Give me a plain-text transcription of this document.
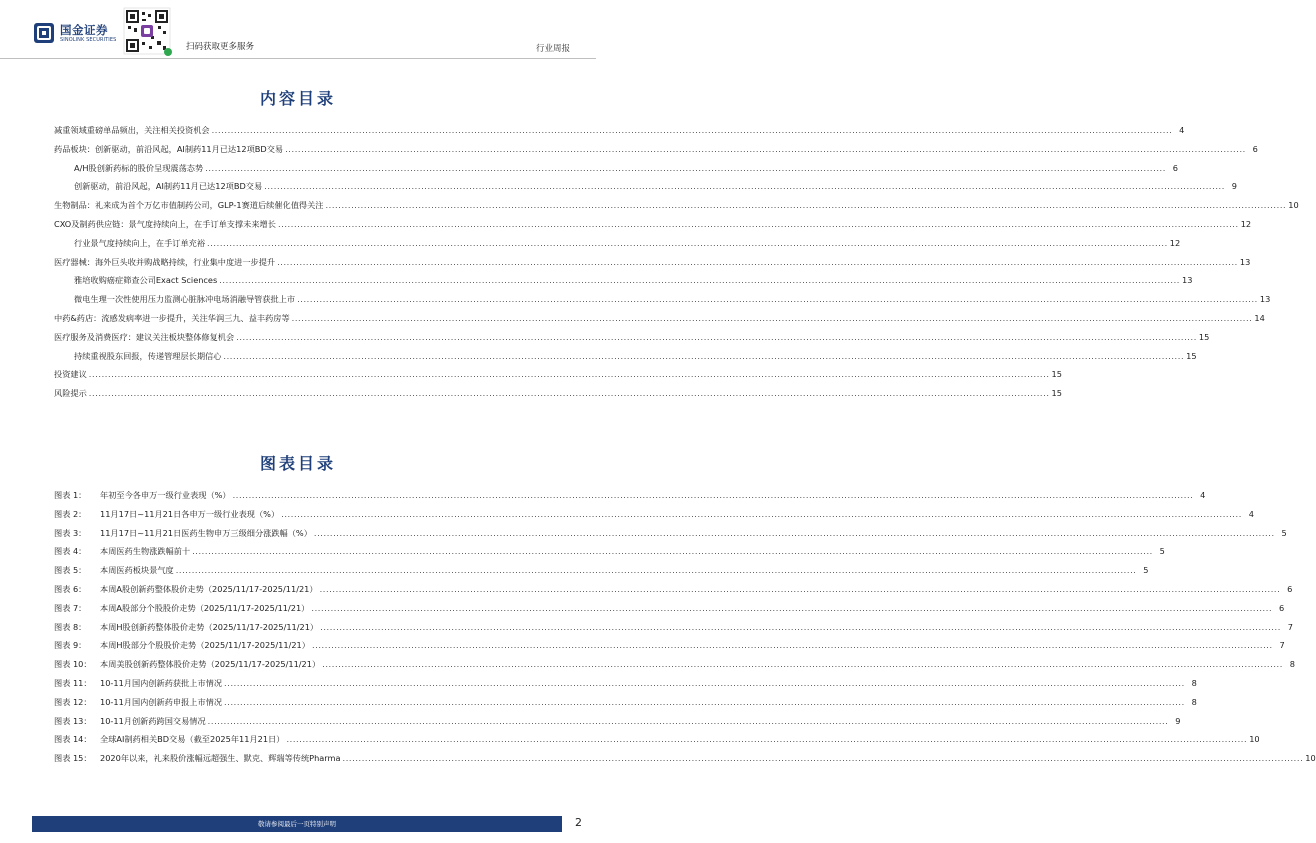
国金证券
SINOLINK SECURITIES
扫码获取更多服务	行业周报
内容目录
减重领域重磅单品频出，关注相关投资机会 ............................................................................................................................................................................................................................................................................................................ 4
药品板块：创新驱动，前沿风起，AI制药11月已达12项BD交易 ............................................................................................................................................................................................................................................................................................................ 6
A/H股创新药标的股价呈现震荡态势 ............................................................................................................................................................................................................................................................................................................ 6
创新驱动，前沿风起，AI制药11月已达12项BD交易 ............................................................................................................................................................................................................................................................................................................ 9
生物制品：礼来成为首个万亿市值制药公司，GLP-1赛道后续催化值得关注 ............................................................................................................................................................................................................................................................................................................ 10
CXO及制药供应链：景气度持续向上，在手订单支撑未来增长 ............................................................................................................................................................................................................................................................................................................ 12
行业景气度持续向上，在手订单充裕 ............................................................................................................................................................................................................................................................................................................ 12
医疗器械：海外巨头收并购战略持续，行业集中度进一步提升 ............................................................................................................................................................................................................................................................................................................ 13
雅培收购癌症筛查公司Exact Sciences ............................................................................................................................................................................................................................................................................................................ 13
微电生理一次性使用压力监测心脏脉冲电场消融导管获批上市 ............................................................................................................................................................................................................................................................................................................ 13
中药&药店：流感发病率进一步提升，关注华润三九、益丰药房等 ............................................................................................................................................................................................................................................................................................................ 14
医疗服务及消费医疗：建议关注板块整体修复机会 ............................................................................................................................................................................................................................................................................................................ 15
持续重视股东回报，传递管理层长期信心 ............................................................................................................................................................................................................................................................................................................ 15
投资建议 ............................................................................................................................................................................................................................................................................................................ 15
风险提示 ............................................................................................................................................................................................................................................................................................................ 15
图表目录
图表 1：	年初至今各申万一级行业表现（%） ............................................................................................................................................................................................................................................................................................................ 4
图表 2：	11月17日~11月21日各申万一级行业表现（%） ............................................................................................................................................................................................................................................................................................................ 4
图表 3：	11月17日~11月21日医药生物申万三级细分涨跌幅（%） ............................................................................................................................................................................................................................................................................................................ 5
图表 4：	本周医药生物涨跌幅前十 ............................................................................................................................................................................................................................................................................................................ 5
图表 5：	本周医药板块景气度 ............................................................................................................................................................................................................................................................................................................ 5
图表 6：	本周A股创新药整体股价走势（2025/11/17-2025/11/21） ............................................................................................................................................................................................................................................................................................................ 6
图表 7：	本周A股部分个股股价走势（2025/11/17-2025/11/21） ............................................................................................................................................................................................................................................................................................................ 6
图表 8：	本周H股创新药整体股价走势（2025/11/17-2025/11/21） ............................................................................................................................................................................................................................................................................................................ 7
图表 9：	本周H股部分个股股价走势（2025/11/17-2025/11/21） ............................................................................................................................................................................................................................................................................................................ 7
图表 10：	本周美股创新药整体股价走势（2025/11/17-2025/11/21） ............................................................................................................................................................................................................................................................................................................ 8
图表 11：	10-11月国内创新药获批上市情况 ............................................................................................................................................................................................................................................................................................................ 8
图表 12：	10-11月国内创新药申报上市情况 ............................................................................................................................................................................................................................................................................................................ 8
图表 13：	10-11月创新药跨国交易情况 ............................................................................................................................................................................................................................................................................................................ 9
图表 14：	全球AI制药相关BD交易（截至2025年11月21日） ............................................................................................................................................................................................................................................................................................................ 10
图表 15：	2020年以来，礼来股价涨幅远超强生、默克、辉瑞等传统Pharma ............................................................................................................................................................................................................................................................................................................ 10
敬请参阅最后一页特别声明	2
